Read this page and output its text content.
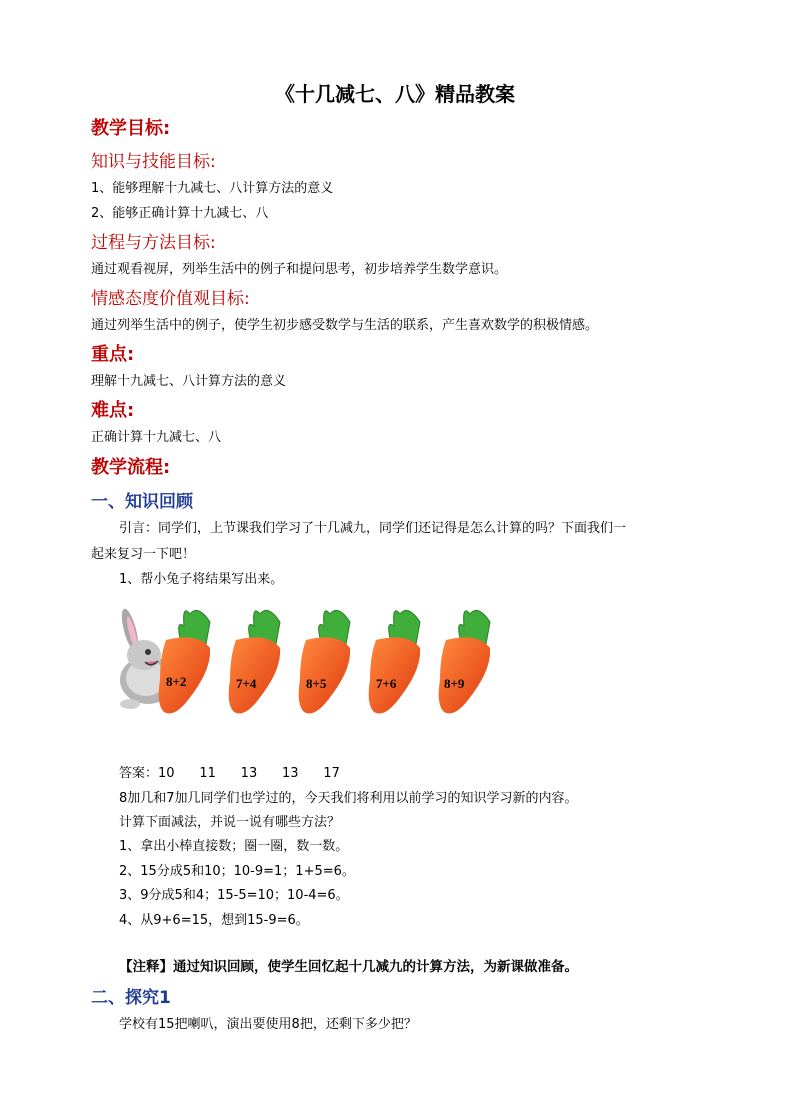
《十几减七、八》精品教案
教学目标:
知识与技能目标:
1、能够理解十九减七、八计算方法的意义
2、能够正确计算十九减七、八
过程与方法目标:
通过观看视屏，列举生活中的例子和提问思考，初步培养学生数学意识。
情感态度价值观目标:
通过列举生活中的例子，使学生初步感受数学与生活的联系，产生喜欢数学的积极情感。
重点:
理解十九减七、八计算方法的意义
难点:
正确计算十九减七、八
教学流程:
一、知识回顾
引言：同学们，上节课我们学习了十几减九，同学们还记得是怎么计算的吗？下面我们一
起来复习一下吧！
1、帮小兔子将结果写出来。
8+2	7+4	8+5	7+6	8+9
答案：10      11      13      13      17
8加几和7加几同学们也学过的，今天我们将利用以前学习的知识学习新的内容。
计算下面减法，并说一说有哪些方法？
1、拿出小棒直接数；圈一圈，数一数。
2、15分成5和10；10-9=1；1+5=6。
3、9分成5和4；15-5=10；10-4=6。
4、从9+6=15，想到15-9=6。
【注释】通过知识回顾，使学生回忆起十几减九的计算方法，为新课做准备。
二、探究1
学校有15把喇叭，演出要使用8把，还剩下多少把？
